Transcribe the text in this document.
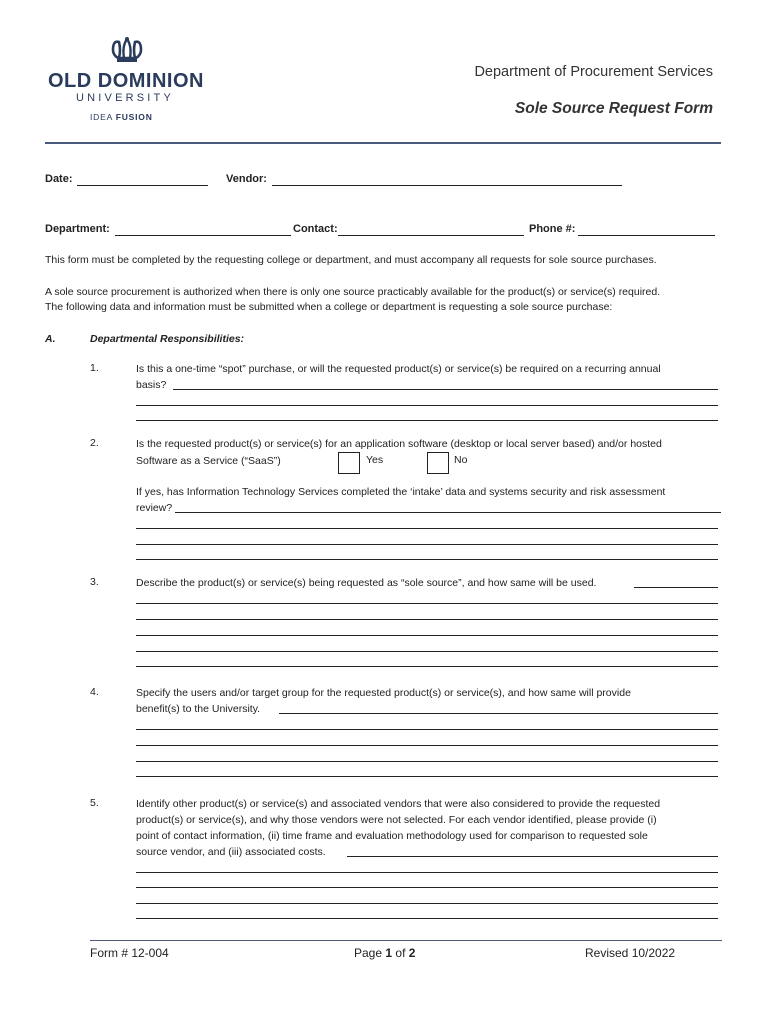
OLD DOMINION
UNIVERSITY
IDEA FUSION
Department of Procurement Services
Sole Source Request Form
Date:	Vendor:
Department:	Contact:	Phone #:
This form must be completed by the requesting college or department, and must accompany all requests for sole source purchases.
A sole source procurement is authorized when there is only one source practicably available for the product(s) or service(s) required.
The following data and information must be submitted when a college or department is requesting a sole source purchase:
A.	Departmental Responsibilities:
1.	Is this a one-time “spot” purchase, or will the requested product(s) or service(s) be required on a recurring annual
basis?
2.	Is the requested product(s) or service(s) for an application software (desktop or local server based) and/or hosted
Software as a Service (“SaaS”)	Yes	No
If yes, has Information Technology Services completed the ‘intake’ data and systems security and risk assessment
review?
3.	Describe the product(s) or service(s) being requested as “sole source”, and how same will be used.
4.	Specify the users and/or target group for the requested product(s) or service(s), and how same will provide
benefit(s) to the University.
5.	Identify other product(s) or service(s) and associated vendors that were also considered to provide the requested
product(s) or service(s), and why those vendors were not selected. For each vendor identified, please provide (i)
point of contact information, (ii) time frame and evaluation methodology used for comparison to requested sole
source vendor, and (iii) associated costs.
Form # 12-004	Page 1 of 2	Revised 10/2022
